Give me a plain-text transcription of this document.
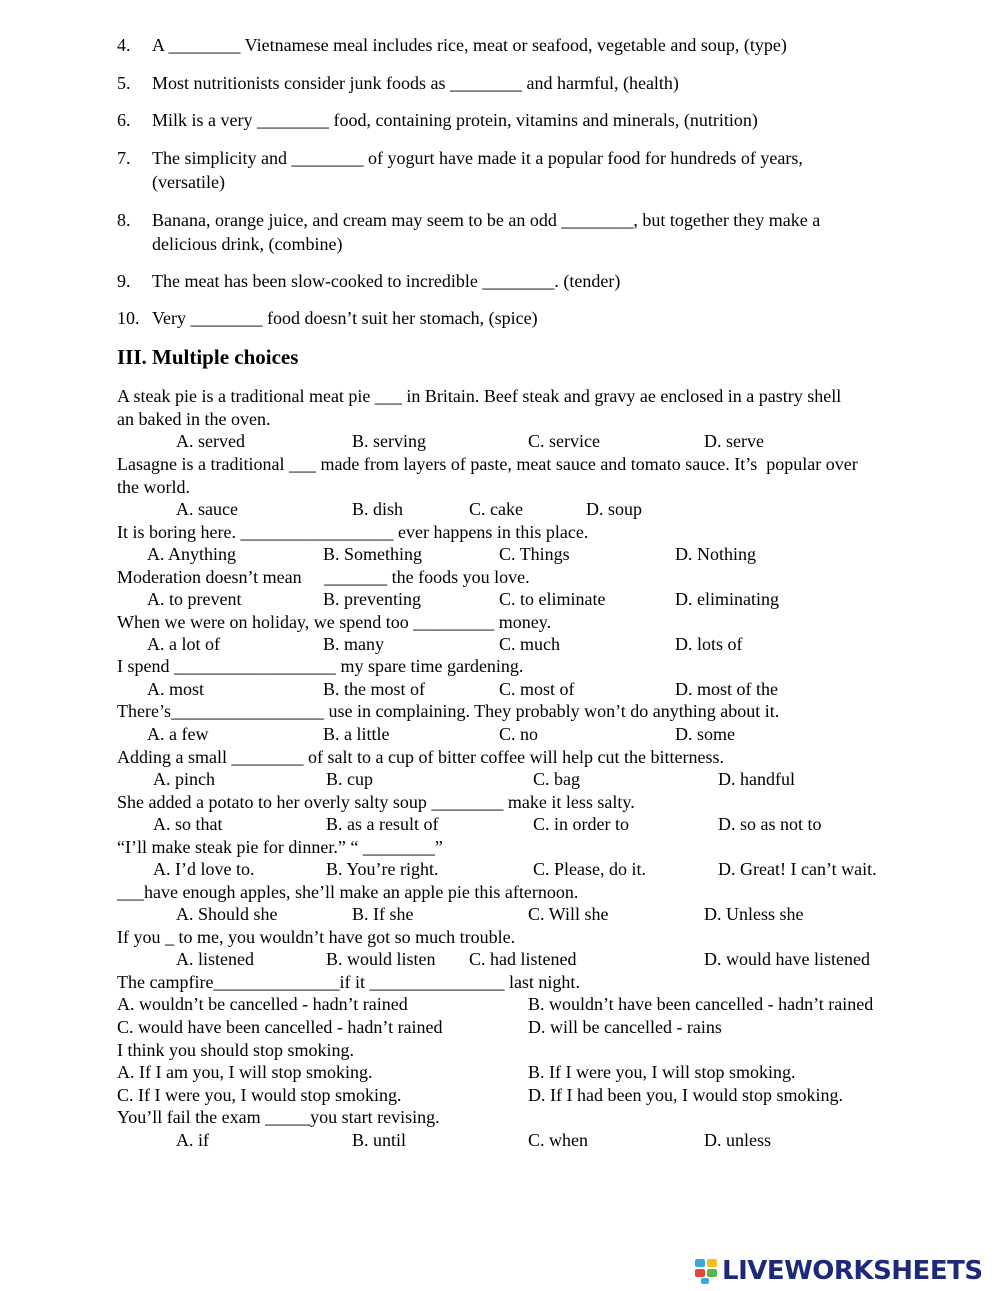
4. A ________ Vietnamese meal includes rice, meat or seafood, vegetable and soup, (type)
5. Most nutritionists consider junk foods as ________ and harmful, (health)
6. Milk is a very ________ food, containing protein, vitamins and minerals, (nutrition)
7. The simplicity and ________ of yogurt have made it a popular food for hundreds of years,
(versatile)
8. Banana, orange juice, and cream may seem to be an odd ________, but together they make a
delicious drink, (combine)
9. The meat has been slow-cooked to incredible ________. (tender)
10. Very ________ food doesn’t suit her stomach, (spice)
III. Multiple choices
A steak pie is a traditional meat pie ___ in Britain. Beef steak and gravy ae enclosed in a pastry shell
an baked in the oven.
A. served	B. serving	C. service	D. serve
Lasagne is a traditional ___ made from layers of paste, meat sauce and tomato sauce. It’s  popular over
the world.
A. sauce	B. dish	C. cake	D. soup
It is boring here. _________________ ever happens in this place.
A. Anything	B. Something	C. Things	D. Nothing
Moderation doesn’t mean     _______ the foods you love.
A. to prevent	B. preventing	C. to eliminate	D. eliminating
When we were on holiday, we spend too _________ money.
A. a lot of	B. many	C. much	D. lots of
I spend __________________ my spare time gardening.
A. most	B. the most of	C. most of	D. most of the
There’s_________________ use in complaining. They probably won’t do anything about it.
A. a few	B. a little	C. no	D. some
Adding a small ________ of salt to a cup of bitter coffee will help cut the bitterness.
A. pinch	B. cup	C. bag	D. handful
She added a potato to her overly salty soup ________ make it less salty.
A. so that	B. as a result of	C. in order to	D. so as not to
“I’ll make steak pie for dinner.” “ ________”
A. I’d love to.	B. You’re right.	C. Please, do it.	D. Great! I can’t wait.
___have enough apples, she’ll make an apple pie this afternoon.
A. Should she	B. If she	C. Will she	D. Unless she
If you _ to me, you wouldn’t have got so much trouble.
A. listened	B. would listen C. had listened	D. would have listened
The campfire______________if it _______________ last night.
A. wouldn’t be cancelled - hadn’t rained	B. wouldn’t have been cancelled - hadn’t rained
C. would have been cancelled - hadn’t rained	D. will be cancelled - rains
I think you should stop smoking.
A. If I am you, I will stop smoking.	B. If I were you, I will stop smoking.
C. If I were you, I would stop smoking.	D. If I had been you, I would stop smoking.
You’ll fail the exam _____you start revising.
A. if	B. until	C. when	D. unless
LIVEWORKSHEETS
